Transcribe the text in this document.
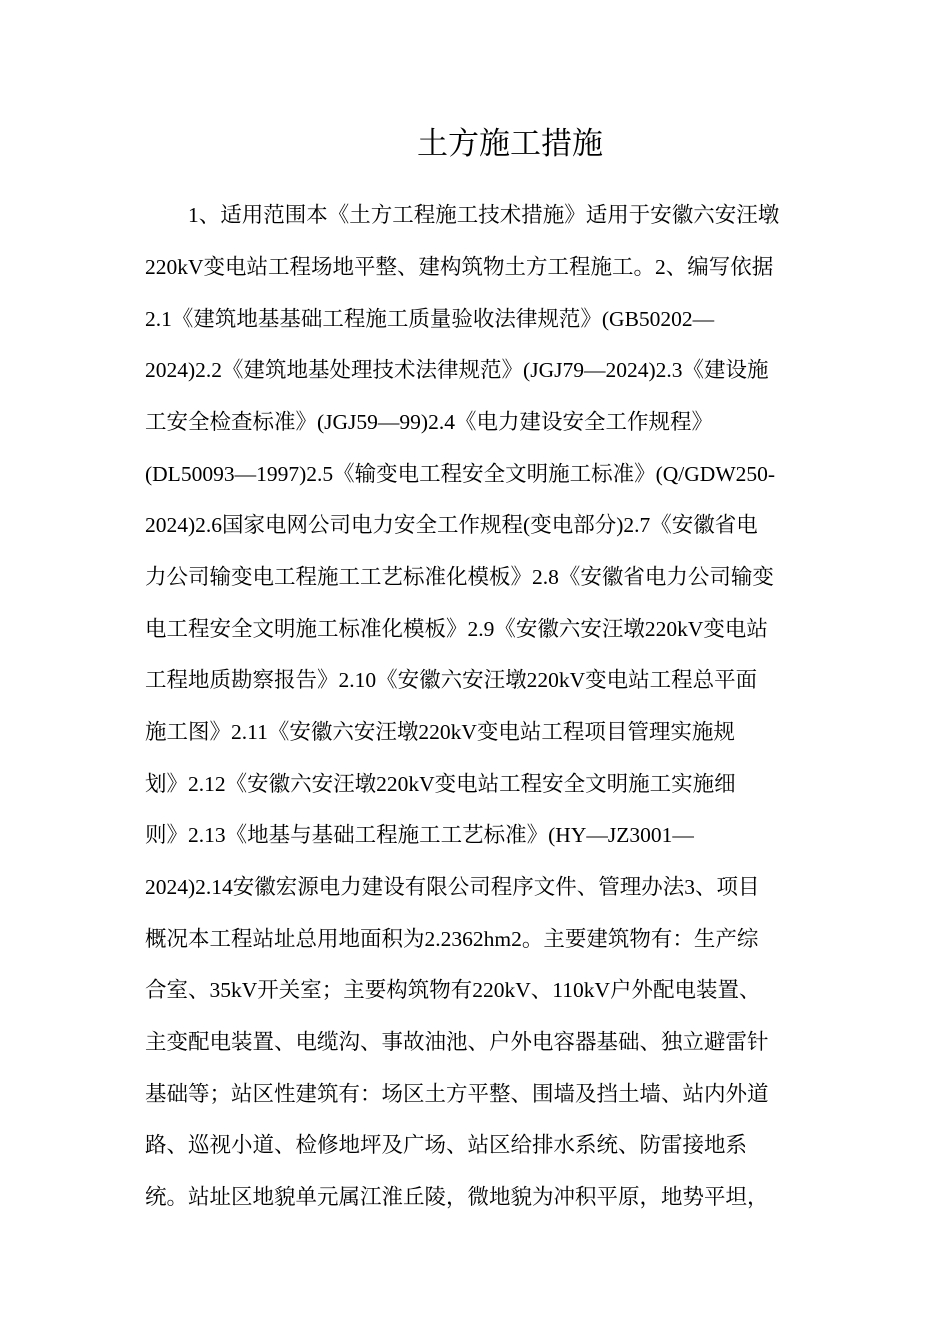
土方施工措施
　　1、适用范围本《土方工程施工技术措施》适用于安徽六安汪墩
220kV变电站工程场地平整、建构筑物土方工程施工。2、编写依据
2.1《建筑地基基础工程施工质量验收法律规范》(GB50202—
2024)2.2《建筑地基处理技术法律规范》(JGJ79—2024)2.3《建设施
工安全检查标准》(JGJ59—99)2.4《电力建设安全工作规程》
(DL50093—1997)2.5《输变电工程安全文明施工标准》(Q/GDW250-
2024)2.6国家电网公司电力安全工作规程(变电部分)2.7《安徽省电
力公司输变电工程施工工艺标准化模板》2.8《安徽省电力公司输变
电工程安全文明施工标准化模板》2.9《安徽六安汪墩220kV变电站
工程地质勘察报告》2.10《安徽六安汪墩220kV变电站工程总平面
施工图》2.11《安徽六安汪墩220kV变电站工程项目管理实施规
划》2.12《安徽六安汪墩220kV变电站工程安全文明施工实施细
则》2.13《地基与基础工程施工工艺标准》(HY—JZ3001—
2024)2.14安徽宏源电力建设有限公司程序文件、管理办法3、项目
概况本工程站址总用地面积为2.2362hm2。主要建筑物有：生产综
合室、35kV开关室；主要构筑物有220kV、110kV户外配电装置、
主变配电装置、电缆沟、事故油池、户外电容器基础、独立避雷针
基础等；站区性建筑有：场区土方平整、围墙及挡土墙、站内外道
路、巡视小道、检修地坪及广场、站区给排水系统、防雷接地系
统。站址区地貌单元属江淮丘陵，微地貌为冲积平原，地势平坦，
